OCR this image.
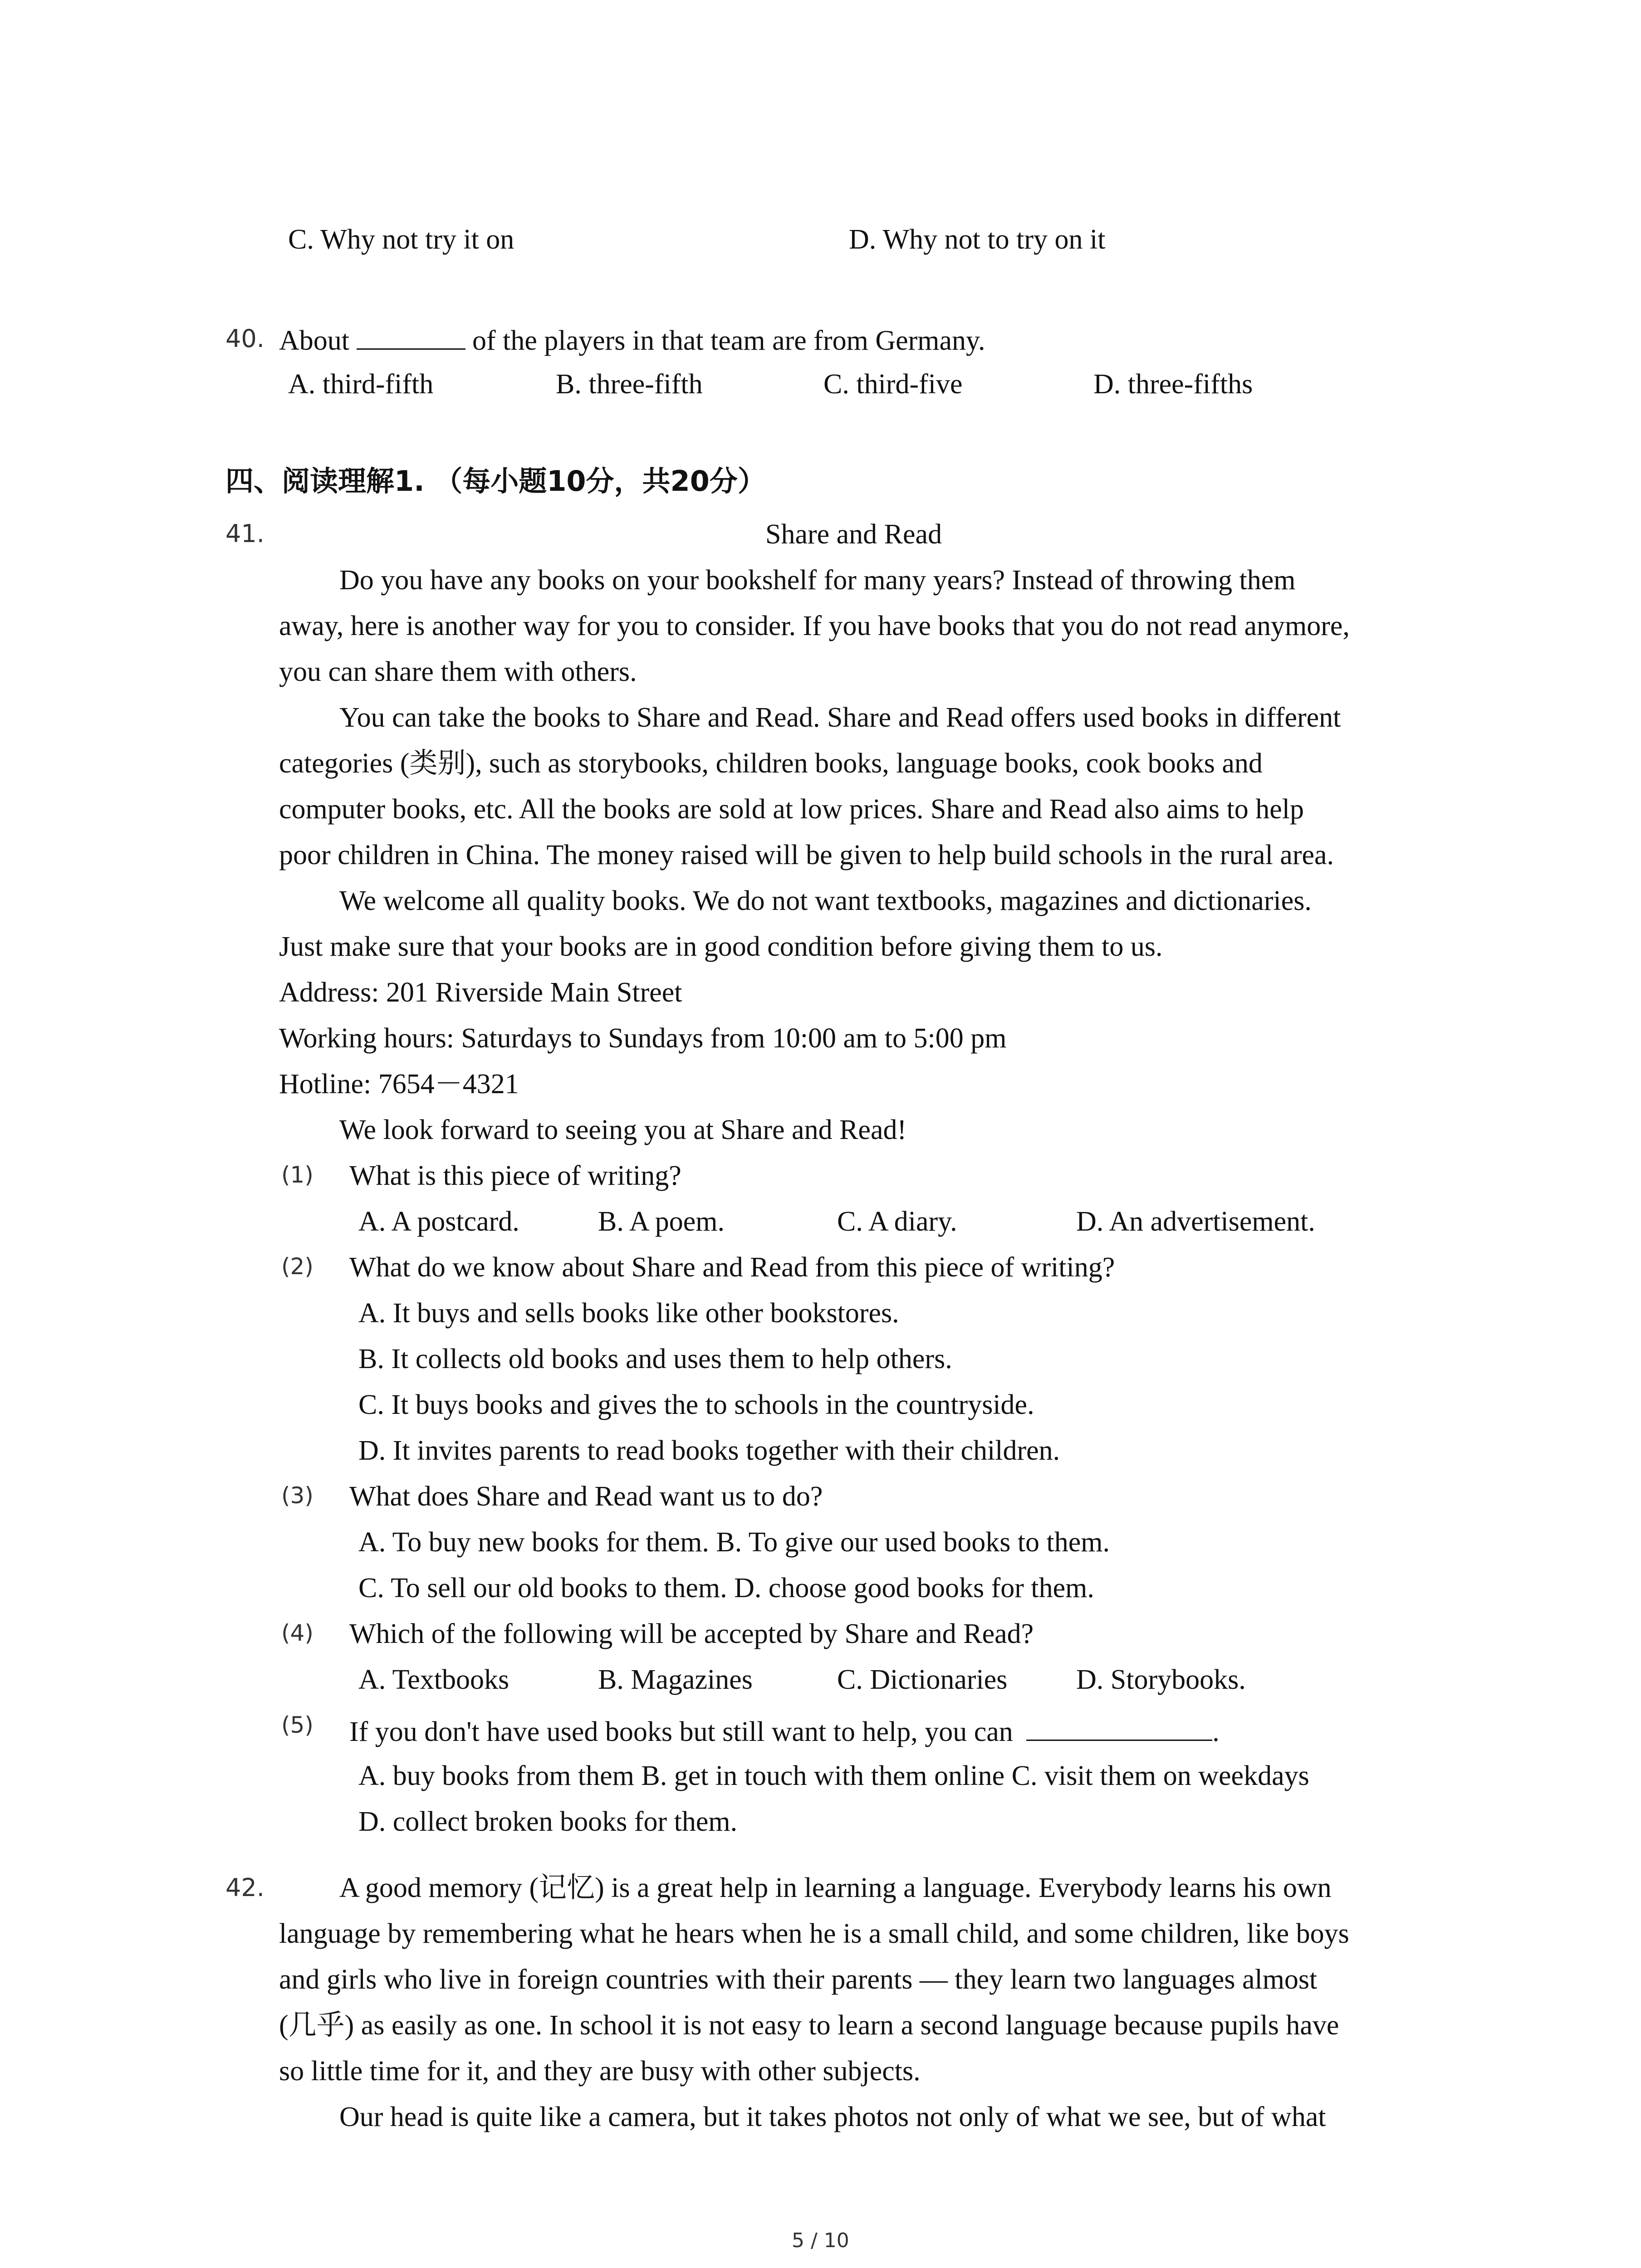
C. Why not try it on	D. Why not to try on it
40. About	of the players in that team are from Germany.
A. third-fifth	B. three-fifth	C. third-five	D. three-fifths
四、阅读理解1. （每小题10分，共20分）
41.	Share and Read
Do you have any books on your bookshelf for many years? Instead of throwing them
away, here is another way for you to consider. If you have books that you do not read anymore,
you can share them with others.
You can take the books to Share and Read. Share and Read offers used books in different
categories (类别), such as storybooks, children books, language books, cook books and
computer books, etc. All the books are sold at low prices. Share and Read also aims to help
poor children in China. The money raised will be given to help build schools in the rural area.
We welcome all quality books. We do not want textbooks, magazines and dictionaries.
Just make sure that your books are in good condition before giving them to us.
Address: 201 Riverside Main Street
Working hours: Saturdays to Sundays from 10:00 am to 5:00 pm
Hotline: 7654－4321
We look forward to seeing you at Share and Read!
(1) What is this piece of writing?
A. A postcard.	B. A poem.	C. A diary.	D. An advertisement.
(2) What do we know about Share and Read from this piece of writing?
A. It buys and sells books like other bookstores.
B. It collects old books and uses them to help others.
C. It buys books and gives the to schools in the countryside.
D. It invites parents to read books together with their children.
(3) What does Share and Read want us to do?
A. To buy new books for them. B. To give our used books to them.
C. To sell our old books to them. D. choose good books for them.
(4) Which of the following will be accepted by Share and Read?
A. Textbooks	B. Magazines	C. Dictionaries D. Storybooks.
(5) If you don't have used books but still want to help, you can	.
A. buy books from them B. get in touch with them online C. visit them on weekdays
D. collect broken books for them.
42.	A good memory (记忆) is a great help in learning a language. Everybody learns his own
language by remembering what he hears when he is a small child, and some children, like boys
and girls who live in foreign countries with their parents — they learn two languages almost
(几乎) as easily as one. In school it is not easy to learn a second language because pupils have
so little time for it, and they are busy with other subjects.
Our head is quite like a camera, but it takes photos not only of what we see, but of what
5 / 10
